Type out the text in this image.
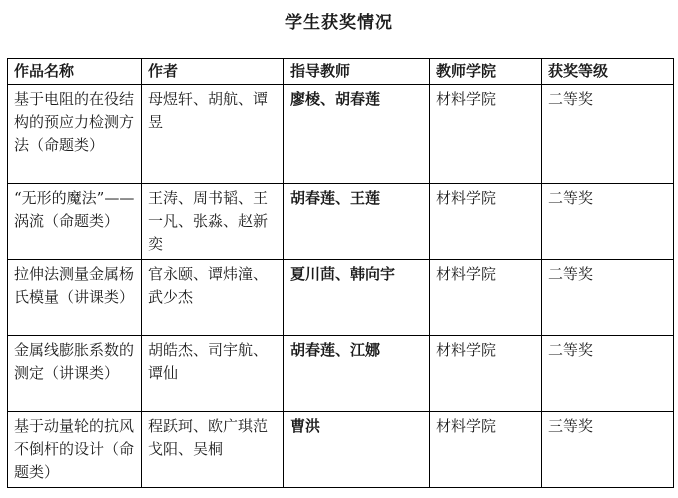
学生获奖情况
作品名称	作者	指导教师	教师学院	获奖等级
基于电阻的在役结构的预应力检测方法（命题类）	母煜轩、胡航、谭昱	廖棱、胡春莲	材料学院	二等奖
“无形的魔法”——涡流（命题类）	王涛、周书韬、王一凡、张淼、赵新奕	胡春莲、王莲	材料学院	二等奖
拉伸法测量金属杨氏模量（讲课类）	官永颐、谭炜潼、武少杰	夏川茴、韩向宇	材料学院	二等奖
金属线膨胀系数的测定（讲课类）	胡皓杰、司宇航、谭仙	胡春莲、江娜	材料学院	二等奖
基于动量轮的抗风不倒杆的设计（命题类）	程跃珂、欧广琪范戈阳、吴桐	曹洪	材料学院	三等奖
